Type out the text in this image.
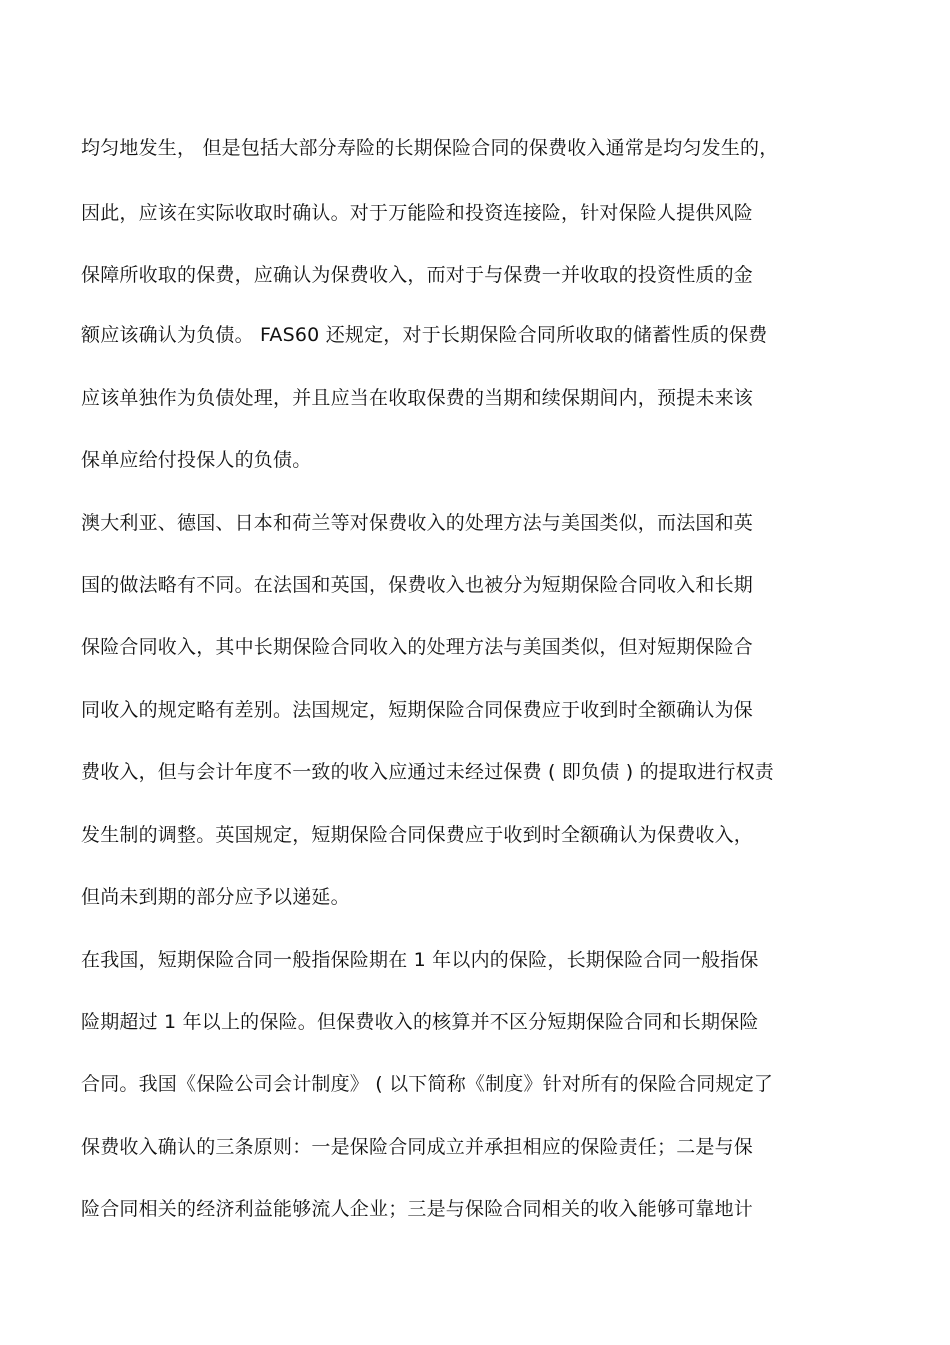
均匀地发生， 但是包括大部分寿险的长期保险合同的保费收入通常是均匀发生的，
因此，应该在实际收取时确认。对于万能险和投资连接险，针对保险人提供风险
保障所收取的保费，应确认为保费收入，而对于与保费一并收取的投资性质的金
额应该确认为负债。 FAS60 还规定，对于长期保险合同所收取的储蓄性质的保费
应该单独作为负债处理，并且应当在收取保费的当期和续保期间内，预提未来该
保单应给付投保人的负债。
澳大利亚、德国、日本和荷兰等对保费收入的处理方法与美国类似，而法国和英
国的做法略有不同。在法国和英国，保费收入也被分为短期保险合同收入和长期
保险合同收入，其中长期保险合同收入的处理方法与美国类似，但对短期保险合
同收入的规定略有差别。法国规定，短期保险合同保费应于收到时全额确认为保
费收入，但与会计年度不一致的收入应通过未经过保费 ( 即负债 ) 的提取进行权责
发生制的调整。英国规定，短期保险合同保费应于收到时全额确认为保费收入，
但尚未到期的部分应予以递延。
在我国，短期保险合同一般指保险期在 1 年以内的保险，长期保险合同一般指保
险期超过 1 年以上的保险。但保费收入的核算并不区分短期保险合同和长期保险
合同。我国《保险公司会计制度》 ( 以下简称《制度》针对所有的保险合同规定了
保费收入确认的三条原则：一是保险合同成立并承担相应的保险责任；二是与保
险合同相关的经济利益能够流人企业；三是与保险合同相关的收入能够可靠地计
